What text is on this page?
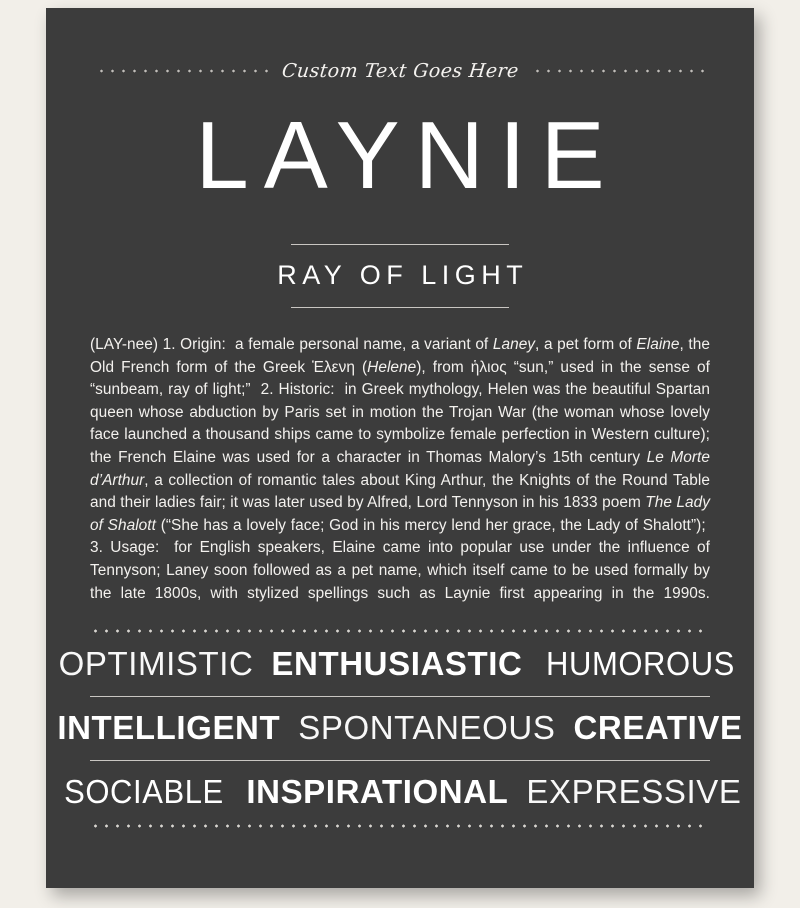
Custom Text Goes Here
LAYNIE
RAY OF LIGHT
(LAY-nee) 1. Origin:  a female personal name, a variant of Laney, a pet form of Elaine, the Old French form of the Greek Ἑλενη (Helene), from ἡλιος “sun,” used in the sense of “sunbeam, ray of light;”  2. Historic:  in Greek mythology, Helen was the beautiful Spartan queen whose abduction by Paris set in motion the Trojan War (the woman whose lovely face launched a thousand ships came to symbolize female perfection in Western culture); the French Elaine was used for a character in Thomas Malory’s 15th century Le Morte d’Arthur, a collection of romantic tales about King Arthur, the Knights of the Round Table and their ladies fair; it was later used by Alfred, Lord Tennyson in his 1833 poem The Lady of Shalott (“She has a lovely face; God in his mercy lend her grace, the Lady of Shalott”);  3. Usage:  for English speakers, Elaine came into popular use under the influence of Tennyson; Laney soon followed as a pet name, which itself came to be used formally by the late 1800s, with stylized spellings such as Laynie first appearing in the 1990s.
OPTIMISTIC ENTHUSIASTIC HUMOROUS
INTELLIGENT SPONTANEOUS CREATIVE
SOCIABLE INSPIRATIONAL EXPRESSIVE
